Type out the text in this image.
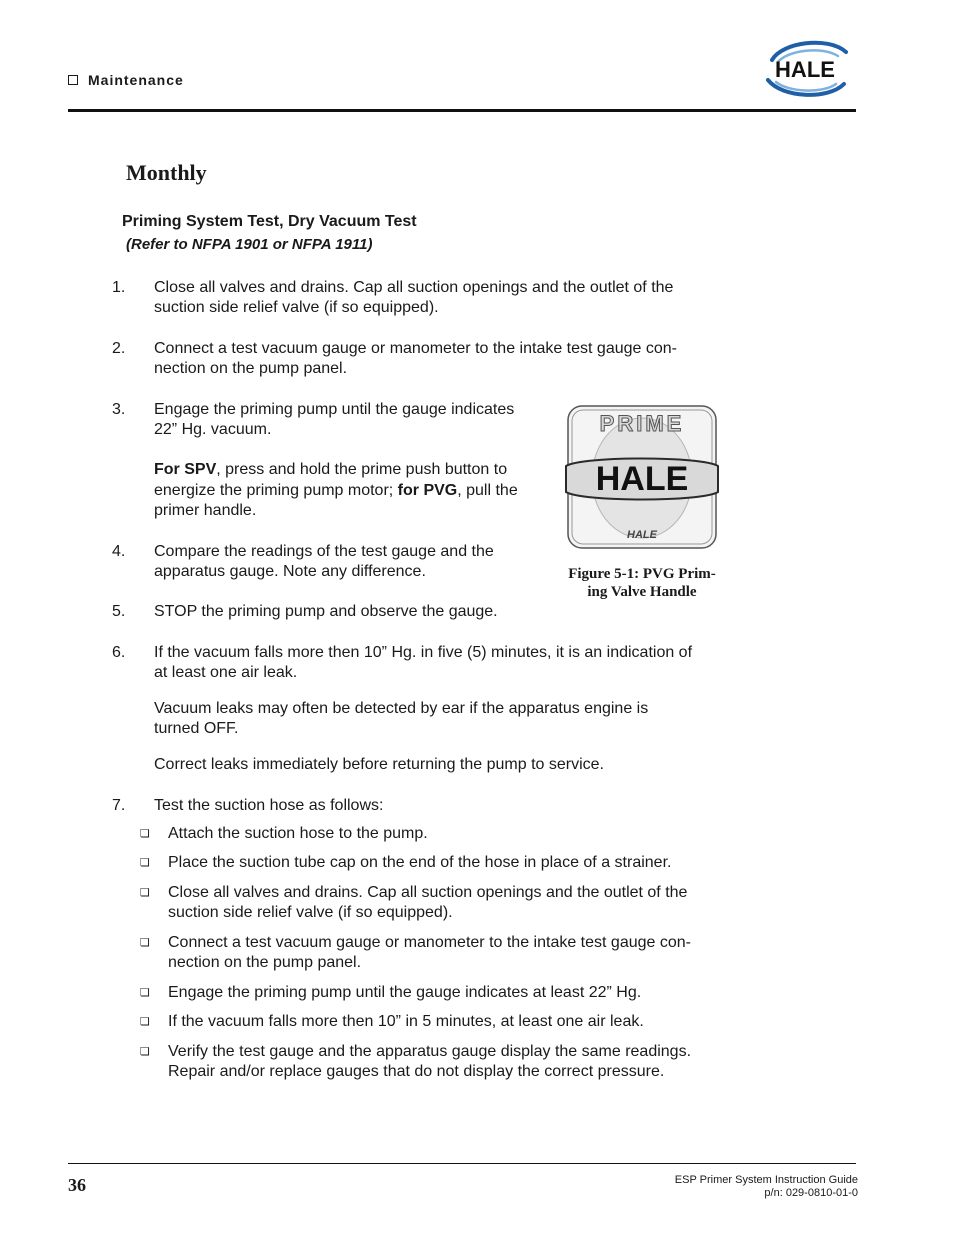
Maintenance	HALE
Monthly
Priming System Test, Dry Vacuum Test
(Refer to NFPA 1901 or NFPA 1911)
1.	Close all valves and drains. Cap all suction openings and the outlet of the
suction side relief valve (if so equipped).
2.	Connect a test vacuum gauge or manometer to the intake test gauge con-
nection on the pump panel.
3.	Engage the priming pump until the gauge indicates
22” Hg. vacuum.
For SPV, press and hold the prime push button to
energize the priming pump motor; for PVG, pull the
primer handle.
4.	Compare the readings of the test gauge and the
apparatus gauge. Note any difference.
5.	STOP the priming pump and observe the gauge.
6.	If the vacuum falls more then 10” Hg. in five (5) minutes, it is an indication of
at least one air leak.
Vacuum leaks may often be detected by ear if the apparatus engine is
turned OFF.
Correct leaks immediately before returning the pump to service.
7.	Test the suction hose as follows:
❏ Attach the suction hose to the pump.
❏ Place the suction tube cap on the end of the hose in place of a strainer.
❏ Close all valves and drains. Cap all suction openings and the outlet of the
suction side relief valve (if so equipped).
❏ Connect a test vacuum gauge or manometer to the intake test gauge con-
nection on the pump panel.
❏ Engage the priming pump until the gauge indicates at least 22” Hg.
❏ If the vacuum falls more then 10” in 5 minutes, at least one air leak.
❏ Verify the test gauge and the apparatus gauge display the same readings.
Repair and/or replace gauges that do not display the correct pressure.
PRIME
HALE
HALE
Figure 5-1: PVG Prim-
ing Valve Handle
36	ESP Primer System Instruction Guide
p/n: 029-0810-01-0
